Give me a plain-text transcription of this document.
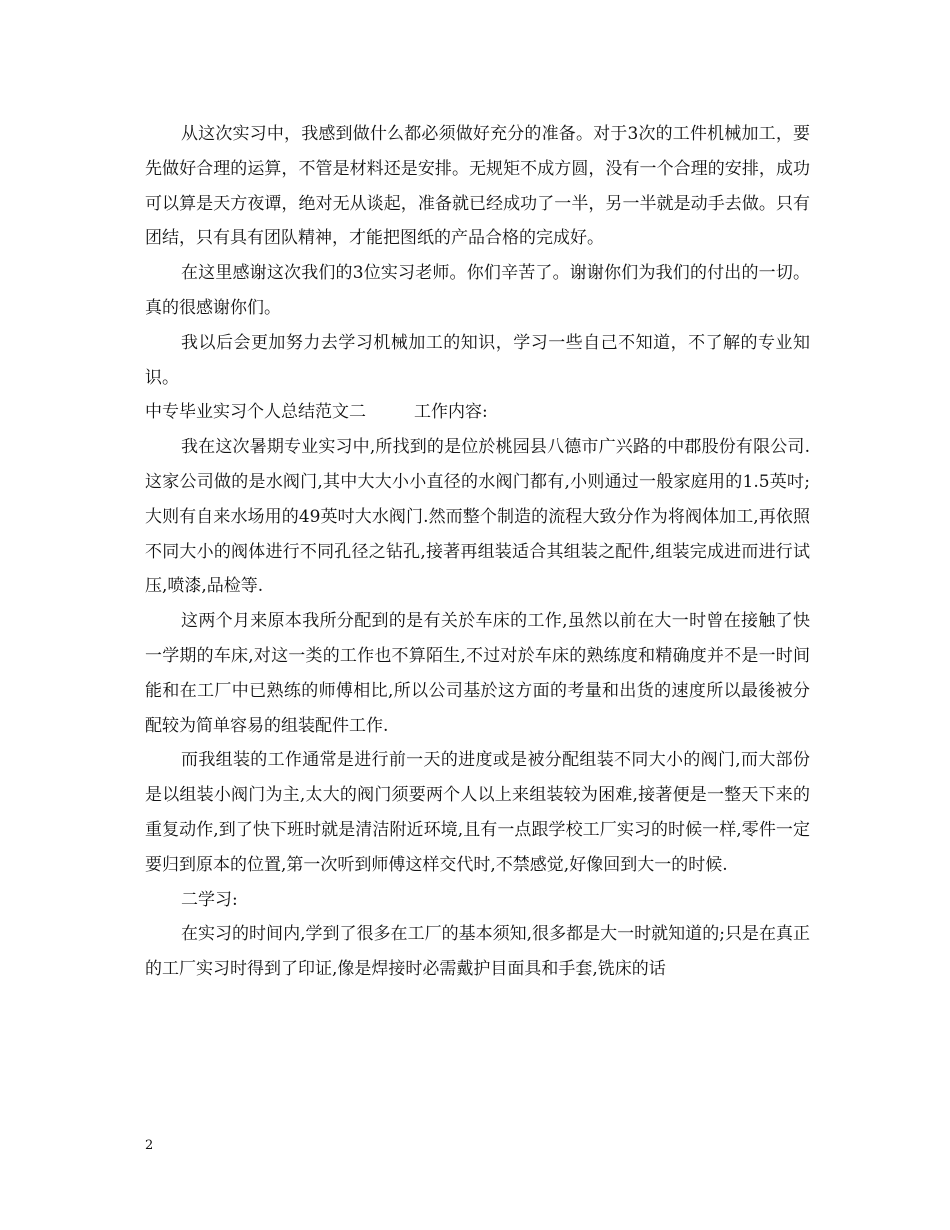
从这次实习中，我感到做什么都必须做好充分的准备。对于3次的工件机械加工，要先做好合理的运算，不管是材料还是安排。无规矩不成方圆，没有一个合理的安排，成功可以算是天方夜谭，绝对无从谈起，准备就已经成功了一半，另一半就是动手去做。只有团结，只有具有团队精神，才能把图纸的产品合格的完成好。

在这里感谢这次我们的3位实习老师。你们辛苦了。谢谢你们为我们的付出的一切。真的很感谢你们。

我以后会更加努力去学习机械加工的知识，学习一些自己不知道，不了解的专业知识。

中专毕业实习个人总结范文二	工作内容:

我在这次暑期专业实习中,所找到的是位於桃园县八德市广兴路的中郡股份有限公司.这家公司做的是水阀门,其中大大小小直径的水阀门都有,小则通过一般家庭用的1.5英吋;大则有自来水场用的49英吋大水阀门.然而整个制造的流程大致分作为将阀体加工,再依照不同大小的阀体进行不同孔径之钻孔,接著再组装适合其组装之配件,组装完成进而进行试压,喷漆,品检等.

这两个月来原本我所分配到的是有关於车床的工作,虽然以前在大一时曾在接触了快一学期的车床,对这一类的工作也不算陌生,不过对於车床的熟练度和精确度并不是一时间能和在工厂中已熟练的师傅相比,所以公司基於这方面的考量和出货的速度所以最後被分配较为简单容易的组装配件工作.

而我组装的工作通常是进行前一天的进度或是被分配组装不同大小的阀门,而大部份是以组装小阀门为主,太大的阀门须要两个人以上来组装较为困难,接著便是一整天下来的重复动作,到了快下班时就是清洁附近环境,且有一点跟学校工厂实习的时候一样,零件一定要归到原本的位置,第一次听到师傅这样交代时,不禁感觉,好像回到大一的时候.

二学习:

在实习的时间内,学到了很多在工厂的基本须知,很多都是大一时就知道的;只是在真正的工厂实习时得到了印证,像是焊接时必需戴护目面具和手套,铣床的话

2
